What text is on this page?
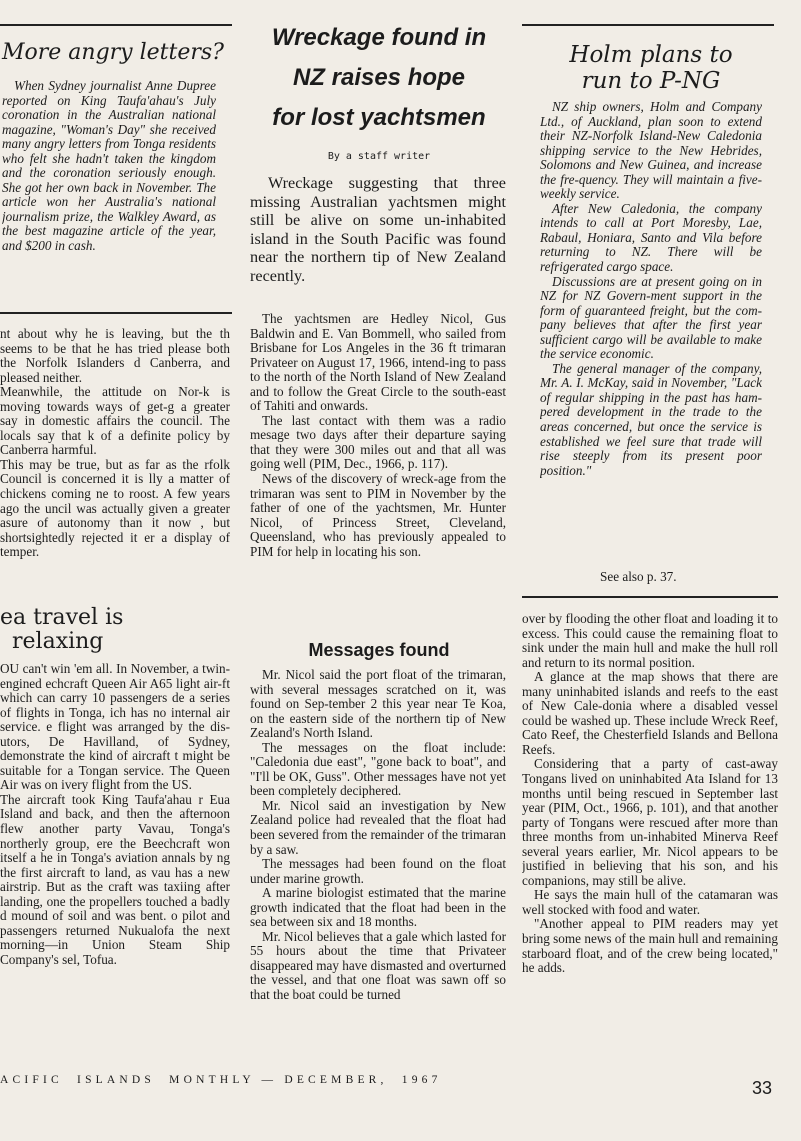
More angry letters?

When Sydney journalist Anne Dupree reported on King Taufa'ahau's July coronation in the Australian national magazine, "Woman's Day" she received many angry letters from Tonga residents who felt she hadn't taken the kingdom and the coronation seriously enough. She got her own back in November. The article won her Australia's national journalism prize, the Walkley Award, as the best magazine article of the year, and $200 in cash.

nt about why he is leaving, but the th seems to be that he has tried please both the Norfolk Islanders d Canberra, and pleased neither.

Meanwhile, the attitude on Nor-k is moving towards ways of get-g a greater say in domestic affairs the council. The locals say that k of a definite policy by Canberra harmful.

This may be true, but as far as the rfolk Council is concerned it is lly a matter of chickens coming ne to roost. A few years ago the uncil was actually given a greater asure of autonomy than it now , but shortsightedly rejected it er a display of temper.

ea travel is
relaxing

OU can't win 'em all. In November, a twin-engined echcraft Queen Air A65 light air-ft which can carry 10 passengers de a series of flights in Tonga, ich has no internal air service. e flight was arranged by the dis-utors, De Havilland, of Sydney, demonstrate the kind of aircraft t might be suitable for a Tongan service. The Queen Air was on ivery flight from the US.

The aircraft took King Taufa'ahau r Eua Island and back, and then the afternoon flew another party Vavau, Tonga's northerly group, ere the Beechcraft won itself a he in Tonga's aviation annals by ng the first aircraft to land, as vau has a new airstrip. But as the craft was taxiing after landing, one the propellers touched a badly d mound of soil and was bent. o pilot and passengers returned Nukualofa the next morning—in Union Steam Ship Company's sel, Tofua.

Wreckage found in
NZ raises hope
for lost yachtsmen
By a staff writer
Wreckage suggesting that three missing Australian yachtsmen might still be alive on some un-inhabited island in the South Pacific was found near the northern tip of New Zealand recently.

The yachtsmen are Hedley Nicol, Gus Baldwin and E. Van Bommell, who sailed from Brisbane for Los Angeles in the 36 ft trimaran Privateer on August 17, 1966, intend-ing to pass to the north of the North Island of New Zealand and to follow the Great Circle to the south-east of Tahiti and onwards.

The last contact with them was a radio mesage two days after their departure saying that they were 300 miles out and that all was going well (PIM, Dec., 1966, p. 117).

News of the discovery of wreck-age from the trimaran was sent to PIM in November by the father of one of the yachtsmen, Mr. Hunter Nicol, of Princess Street, Cleveland, Queensland, who has previously appealed to PIM for help in locating his son.

Messages found

Mr. Nicol said the port float of the trimaran, with several messages scratched on it, was found on Sep-tember 2 this year near Te Koa, on the eastern side of the northern tip of New Zealand's North Island.

The messages on the float include: "Caledonia due east", "gone back to boat", and "I'll be OK, Guss". Other messages have not yet been completely deciphered.

Mr. Nicol said an investigation by New Zealand police had revealed that the float had been severed from the remainder of the trimaran by a saw.

The messages had been found on the float under marine growth.

A marine biologist estimated that the marine growth indicated that the float had been in the sea between six and 18 months.

Mr. Nicol believes that a gale which lasted for 55 hours about the time that Privateer disappeared may have dismasted and overturned the vessel, and that one float was sawn off so that the boat could be turned

Holm plans to
run to P-NG

NZ ship owners, Holm and Company Ltd., of Auckland, plan soon to extend their NZ-Norfolk Island-New Caledonia shipping service to the New Hebrides, Solomons and New Guinea, and increase the fre-quency. They will maintain a five-weekly service.

After New Caledonia, the company intends to call at Port Moresby, Lae, Rabaul, Honiara, Santo and Vila before returning to NZ. There will be refrigerated cargo space.

Discussions are at present going on in NZ for NZ Govern-ment support in the form of guaranteed freight, but the com-pany believes that after the first year sufficient cargo will be available to make the service economic.

The general manager of the company, Mr. A. I. McKay, said in November, "Lack of regular shipping in the past has ham-pered development in the trade to the areas concerned, but once the service is established we feel sure that trade will rise steeply from its present poor position."

See also p. 37.

over by flooding the other float and loading it to excess. This could cause the remaining float to sink under the main hull and make the hull roll and return to its normal position.

A glance at the map shows that there are many uninhabited islands and reefs to the east of New Cale-donia where a disabled vessel could be washed up. These include Wreck Reef, Cato Reef, the Chesterfield Islands and Bellona Reefs.

Considering that a party of cast-away Tongans lived on uninhabited Ata Island for 13 months until being rescued in September last year (PIM, Oct., 1966, p. 101), and that another party of Tongans were rescued after more than three months from un-inhabited Minerva Reef several years earlier, Mr. Nicol appears to be justified in believing that his son, and his companions, may still be alive.

He says the main hull of the catamaran was well stocked with food and water.

"Another appeal to PIM readers may yet bring some news of the main hull and remaining starboard float, and of the crew being located," he adds.

ACIFIC  ISLANDS  MONTHLY — DECEMBER,  1967	33
